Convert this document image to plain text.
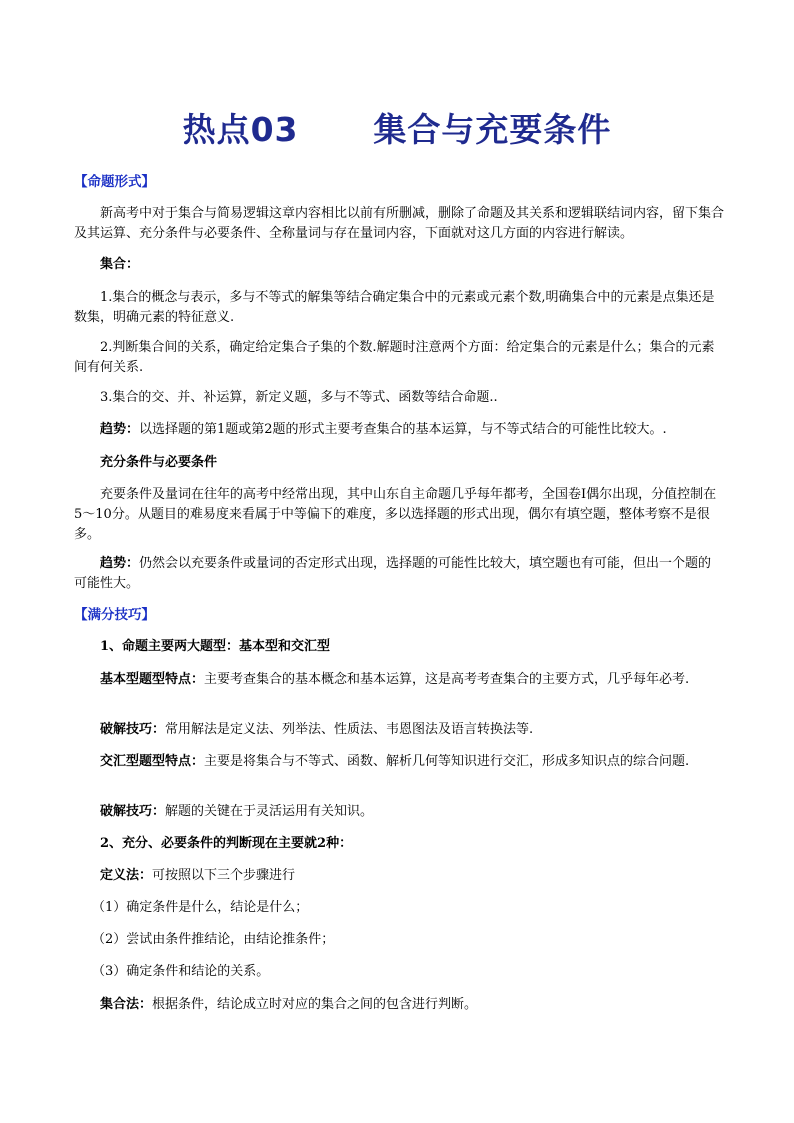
热点03      集合与充要条件
【命题形式】
新高考中对于集合与简易逻辑这章内容相比以前有所删减，删除了命题及其关系和逻辑联结词内容，留下集合及其运算、充分条件与必要条件、全称量词与存在量词内容，下面就对这几方面的内容进行解读。
集合：
1.集合的概念与表示，多与不等式的解集等结合确定集合中的元素或元素个数,明确集合中的元素是点集还是数集，明确元素的特征意义.
2.判断集合间的关系，确定给定集合子集的个数.解题时注意两个方面：给定集合的元素是什么；集合的元素间有何关系.
3.集合的交、并、补运算，新定义题，多与不等式、函数等结合命题..
趋势：以选择题的第1题或第2题的形式主要考查集合的基本运算，与不等式结合的可能性比较大。.
充分条件与必要条件
充要条件及量词在往年的高考中经常出现，其中山东自主命题几乎每年都考，全国卷Ⅰ偶尔出现，分值控制在5～10分。从题目的难易度来看属于中等偏下的难度，多以选择题的形式出现，偶尔有填空题，整体考察不是很多。
趋势：仍然会以充要条件或量词的否定形式出现，选择题的可能性比较大，填空题也有可能，但出一个题的可能性大。
【满分技巧】
1、命题主要两大题型：基本型和交汇型
基本型题型特点：主要考查集合的基本概念和基本运算，这是高考考查集合的主要方式，几乎每年必考.
破解技巧：常用解法是定义法、列举法、性质法、韦恩图法及语言转换法等.
交汇型题型特点：主要是将集合与不等式、函数、解析几何等知识进行交汇，形成多知识点的综合问题.
破解技巧：解题的关键在于灵活运用有关知识。
2、充分、必要条件的判断现在主要就2种：
定义法：可按照以下三个步骤进行
（1）确定条件是什么，结论是什么；
（2）尝试由条件推结论，由结论推条件；
（3）确定条件和结论的关系。
集合法：根据条件，结论成立时对应的集合之间的包含进行判断。
